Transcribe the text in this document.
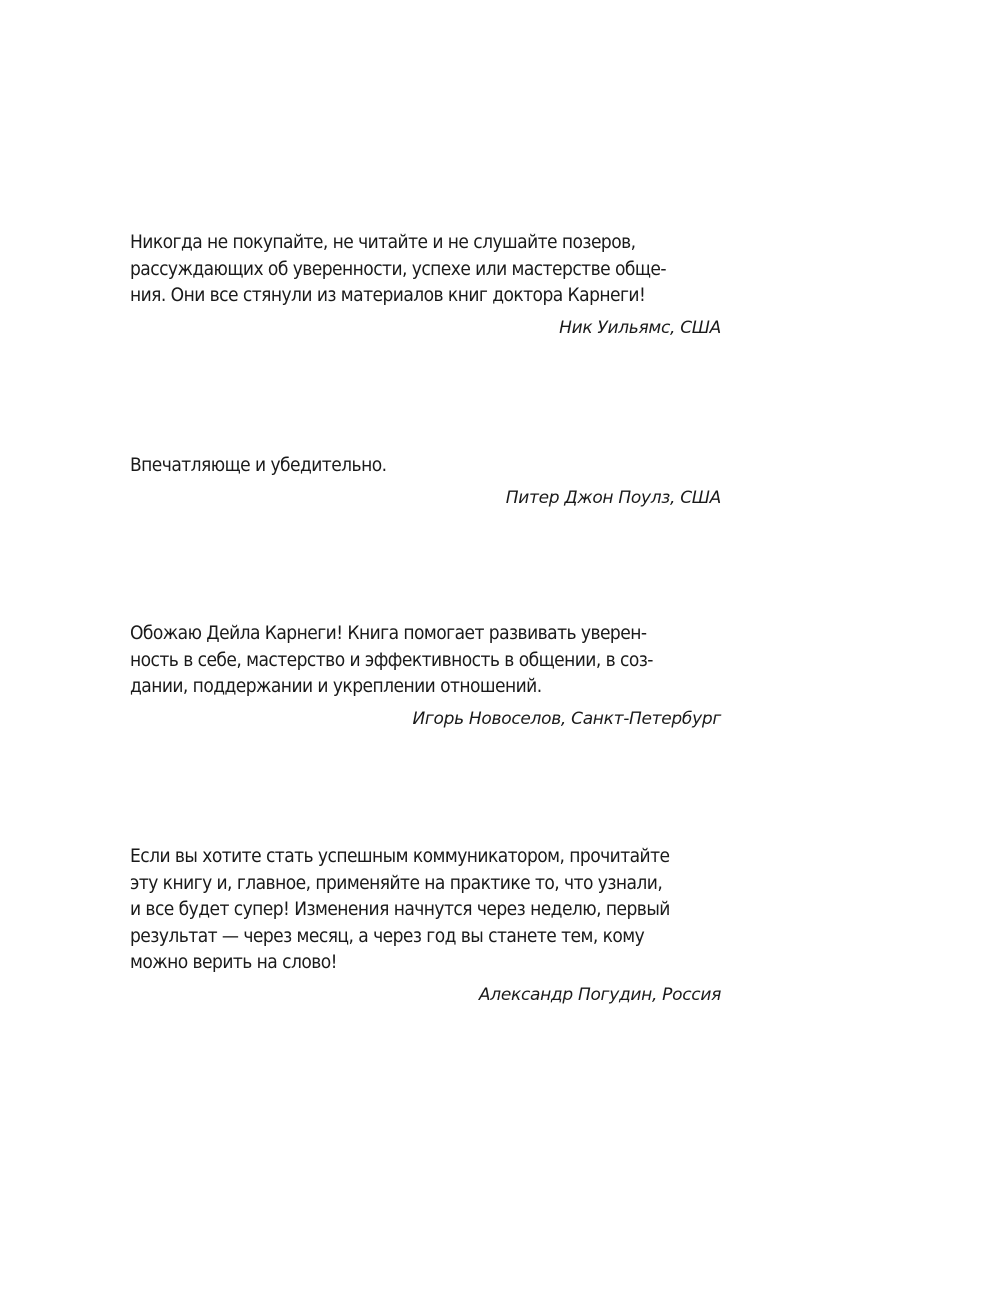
Никогда не покупайте, не читайте и не слушайте позеров,
рассуждающих об уверенности, успехе или мастерстве обще-
ния. Они все стянули из материалов книг доктора Карнеги!
Ник Уильямс, США
Впечатляюще и убедительно.
Питер Джон Поулз, США
Обожаю Дейла Карнеги! Книга помогает развивать уверен-
ность в себе, мастерство и эффективность в общении, в соз-
дании, поддержании и укреплении отношений.
Игорь Новоселов, Санкт-Петербург
Если вы хотите стать успешным коммуникатором, прочитайте
эту книгу и, главное, применяйте на практике то, что узнали,
и все будет супер! Изменения начнутся через неделю, первый
результат — через месяц, а через год вы станете тем, кому
можно верить на слово!
Александр Погудин, Россия
